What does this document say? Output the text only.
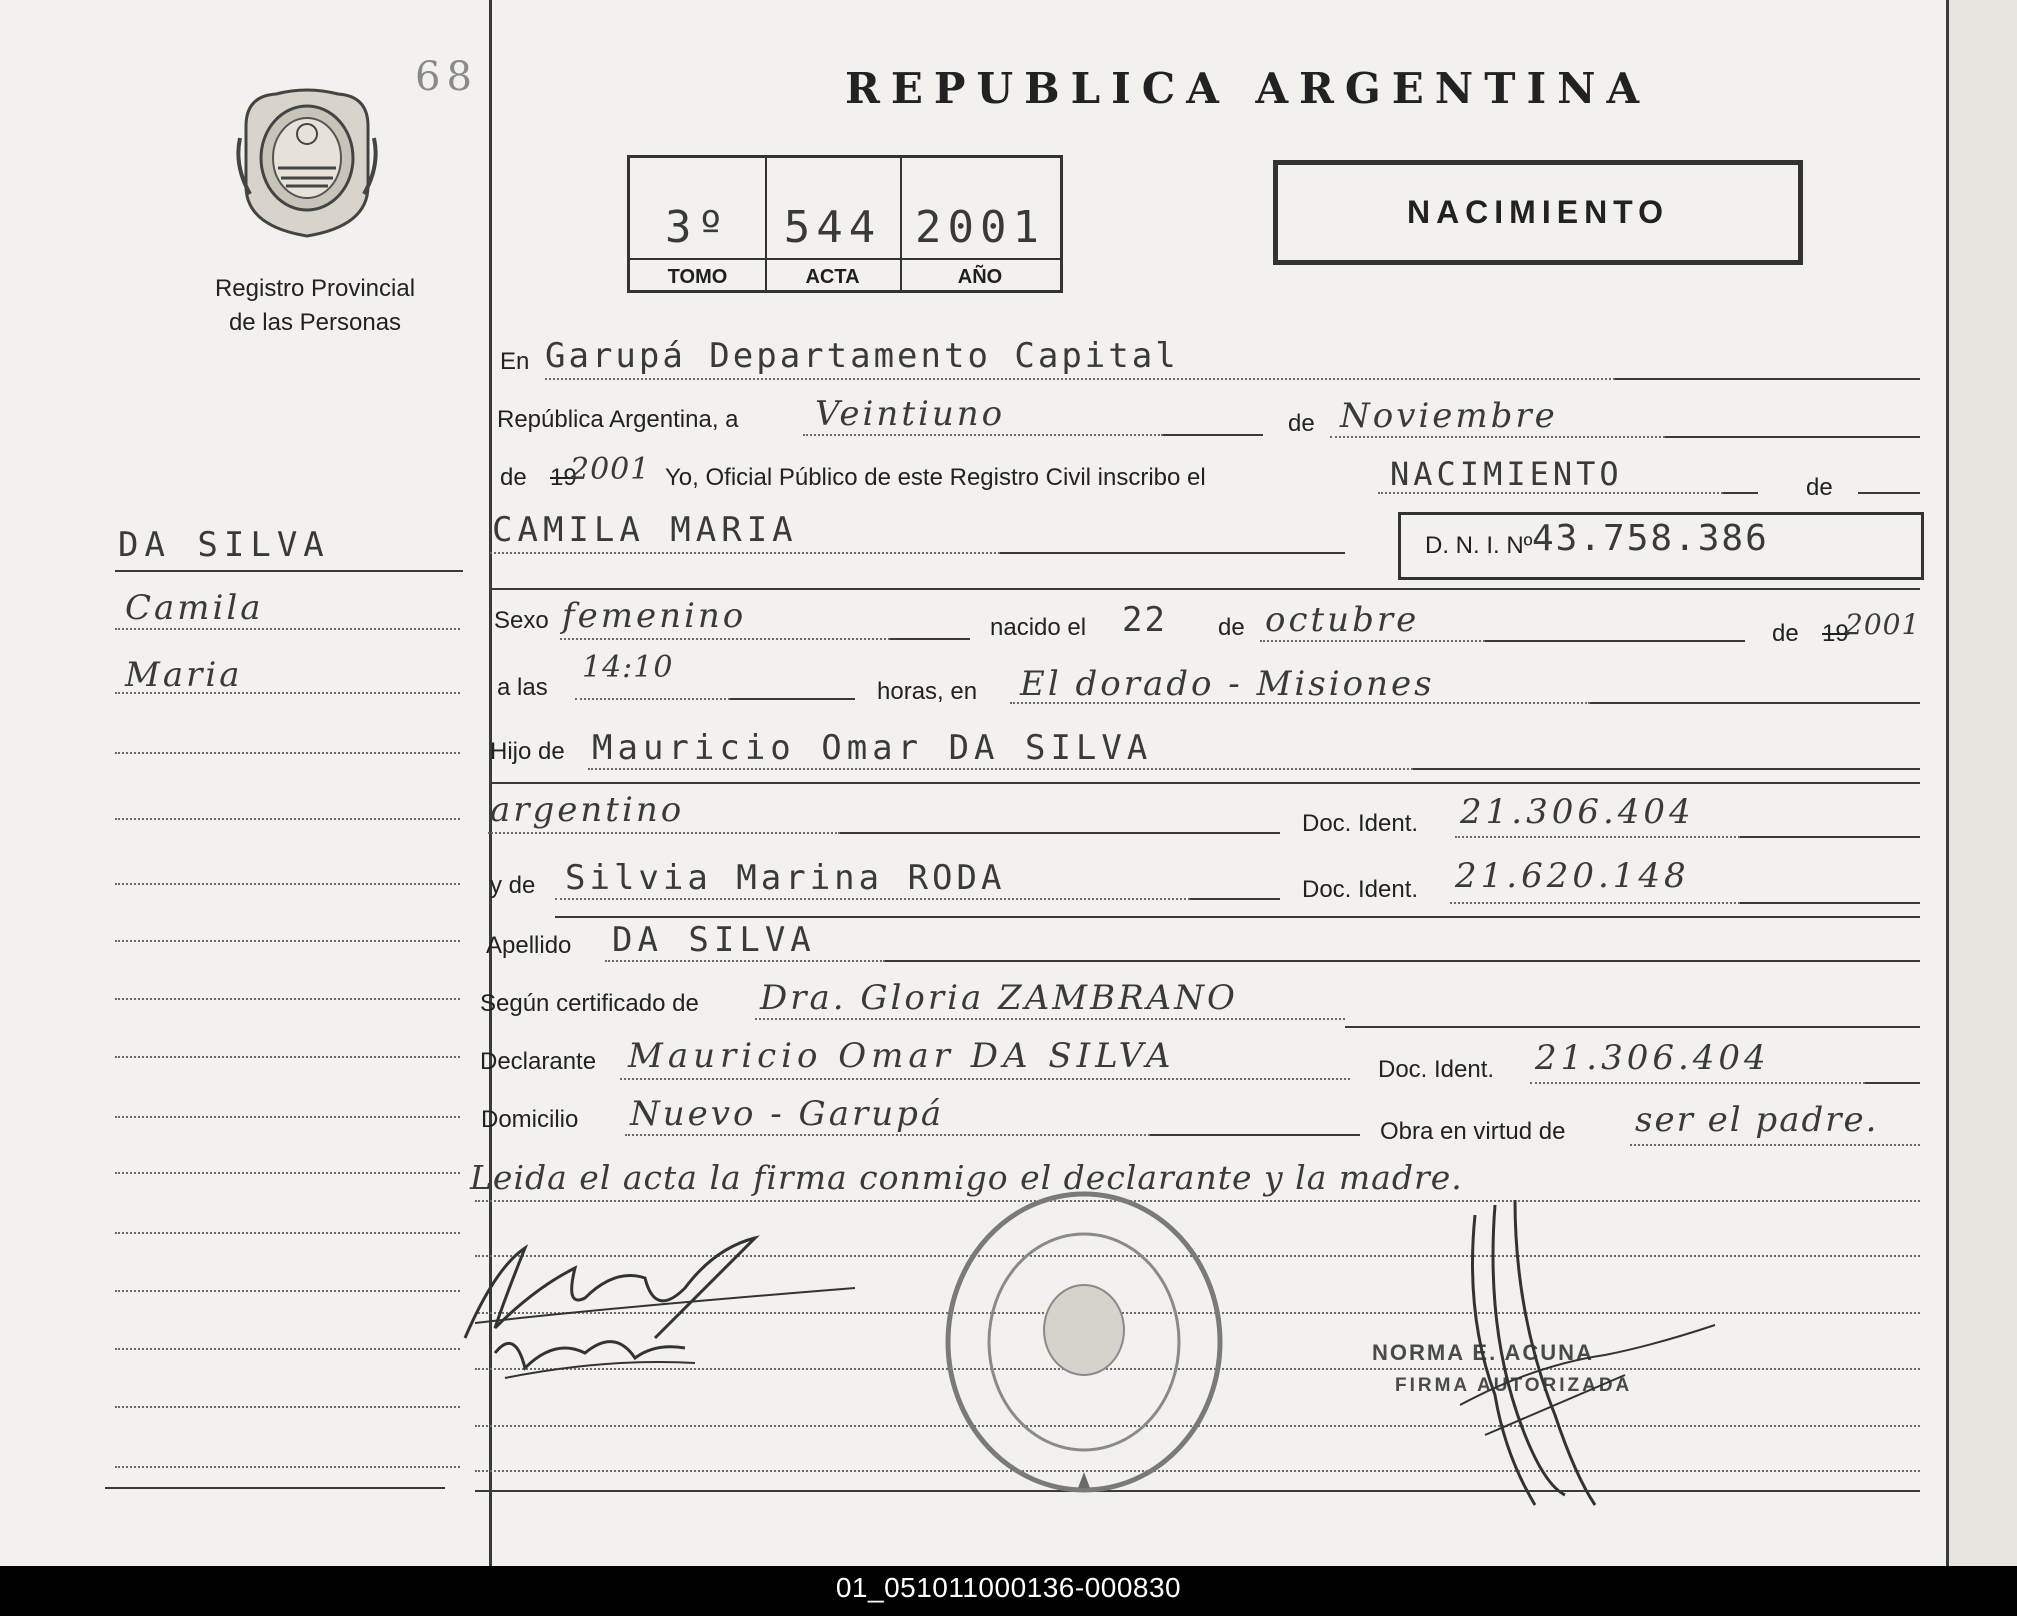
68
Registro Provincial
de las Personas
DA SILVA
Camila
Maria
REPUBLICA ARGENTINA
3º
TOMO
544
ACTA
2001
AÑO
NACIMIENTO
En Garupá Departamento Capital
República Argentina, a Veintiuno	de Noviembre
de 19
2001 Yo, Oficial Público de este Registro Civil inscribo el	NACIMIENTO	de
CAMILA MARIA	D. N. I. Nº 43.758.386
Sexo femenino	nacido el 22 de octubre	de 19
2001
a las
14:10
horas, en El dorado - Misiones
Hijo de Mauricio Omar DA SILVA
argentino	Doc. Ident. 21.306.404
y de Silvia Marina RODA	Doc. Ident. 21.620.148
Apellido DA SILVA
Según certificado de Dra. Gloria ZAMBRANO
Declarante Mauricio Omar DA SILVA	Doc. Ident. 21.306.404
Domicilio Nuevo - Garupá	Obra en virtud de ser el padre.
Leida el acta la firma conmigo el declarante y la madre.
NORMA E. ACUNA
FIRMA AUTORIZADA
01_051011000136-000830
